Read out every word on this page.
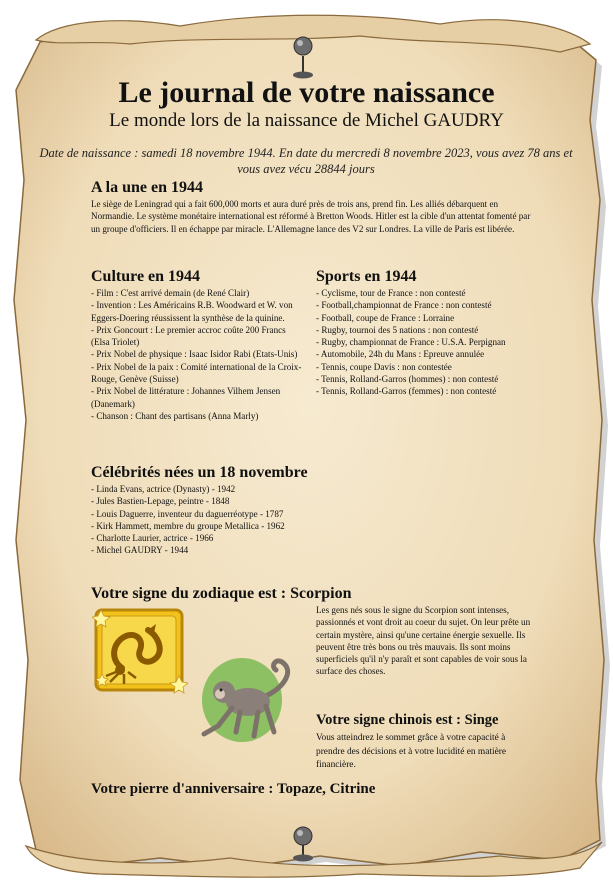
Le journal de votre naissance
Le monde lors de la naissance de Michel GAUDRY
Date de naissance : samedi 18 novembre 1944. En date du mercredi 8 novembre 2023, vous avez 78 ans et vous avez vécu 28844 jours
A la une en 1944
Le siège de Leningrad qui a fait 600,000 morts et aura duré près de trois ans, prend fin. Les alliés débarquent en Normandie. Le système monétaire international est réformé à Bretton Woods. Hitler est la cible d'un attentat fomenté par un groupe d'officiers. Il en échappe par miracle. L'Allemagne lance des V2 sur Londres. La ville de Paris est libérée.
Culture en 1944
- Film : C'est arrivé demain (de René Clair)
- Invention : Les Américains R.B. Woodward et W. von Eggers-Doering réussissent la synthèse de la quinine.
- Prix Goncourt : Le premier accroc coûte 200 Francs (Elsa Triolet)
- Prix Nobel de physique : Isaac Isidor Rabi (Etats-Unis)
- Prix Nobel de la paix : Comité international de la Croix-Rouge, Genève (Suisse)
- Prix Nobel de littérature : Johannes Vilhem Jensen (Danemark)
- Chanson : Chant des partisans (Anna Marly)
Sports en 1944
- Cyclisme, tour de France : non contesté
- Football,championnat de France : non contesté
- Football, coupe de France : Lorraine
- Rugby, tournoi des 5 nations : non contesté
- Rugby, championnat de France : U.S.A. Perpignan
- Automobile, 24h du Mans : Epreuve annulée
- Tennis, coupe Davis : non contestée
- Tennis, Rolland-Garros (hommes) : non contesté
- Tennis, Rolland-Garros (femmes) : non contesté
Célébrités nées un 18 novembre
- Linda Evans, actrice (Dynasty) - 1942
- Jules Bastien-Lepage, peintre - 1848
- Louis Daguerre, inventeur du daguerréotype - 1787
- Kirk Hammett, membre du groupe Metallica - 1962
- Charlotte Laurier, actrice - 1966
- Michel GAUDRY - 1944
Votre signe du zodiaque est : Scorpion
Les gens nés sous le signe du Scorpion sont intenses, passionnés et vont droit au coeur du sujet. On leur prête un certain mystère, ainsi qu'une certaine énergie sexuelle. Ils peuvent être très bons ou très mauvais. Ils sont moins superficiels qu'il n'y paraît et sont capables de voir sous la surface des choses.
Votre signe chinois est : Singe
Vous atteindrez le sommet grâce à votre capacité à prendre des décisions et à votre lucidité en matière financière.
Votre pierre d'anniversaire : Topaze, Citrine
